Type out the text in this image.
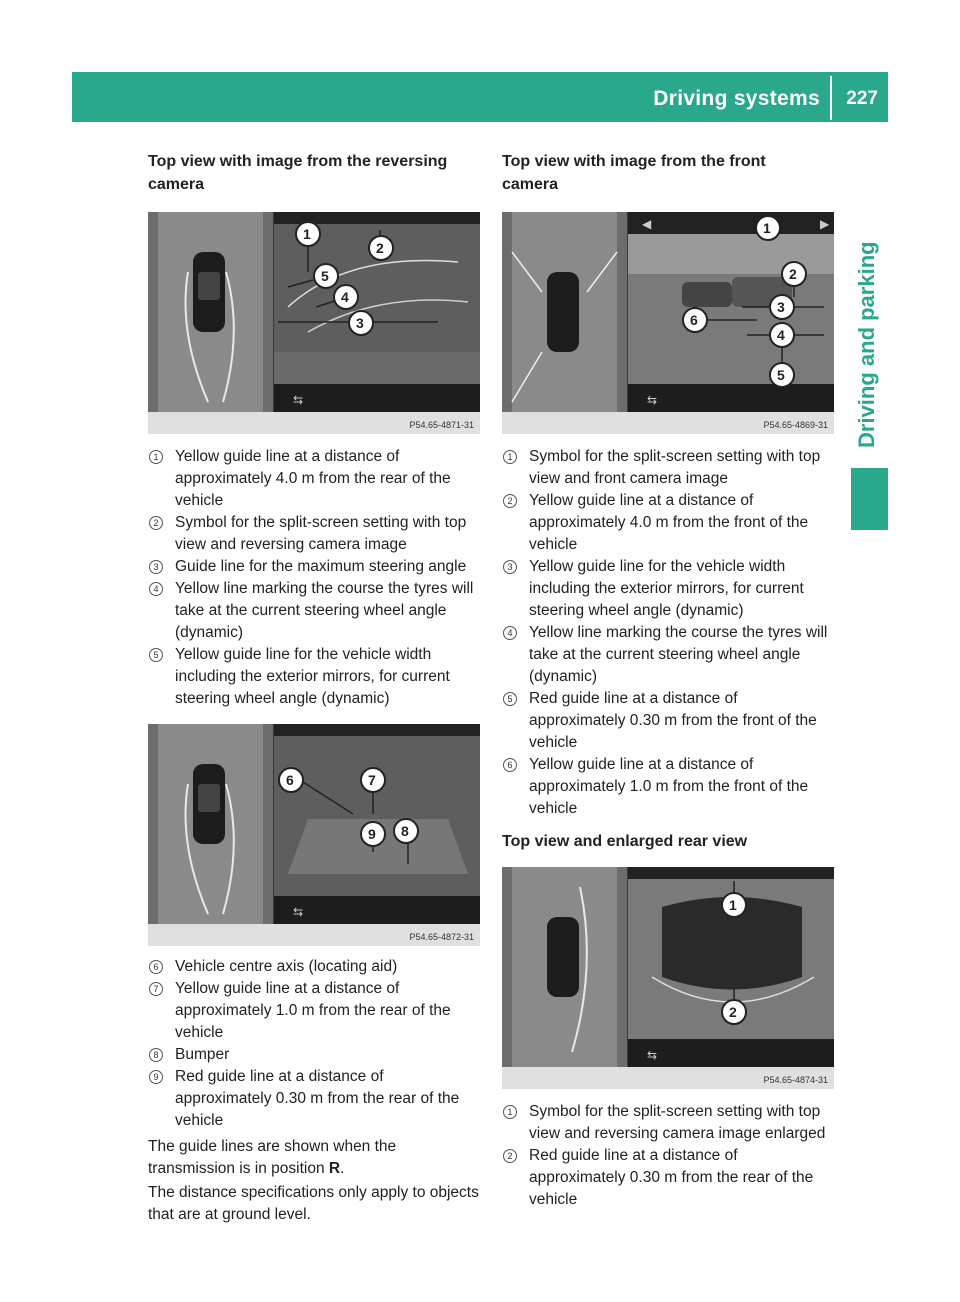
Driving systems 227
Driving and parking
Top view with image from the reversing camera
⇆
1
2
3
4
5
P54.65-4871-31
1 Yellow guide line at a distance of approximately 4.0 m from the rear of the vehicle
2 Symbol for the split-screen setting with top view and reversing camera image
3 Guide line for the maximum steering angle
4 Yellow line marking the course the tyres will take at the current steering wheel angle (dynamic)
5 Yellow guide line for the vehicle width including the exterior mirrors, for current steering wheel angle (dynamic)
⇆
6	7
8
9
P54.65-4872-31
6 Vehicle centre axis (locating aid)
7 Yellow guide line at a distance of approximately 1.0 m from the rear of the vehicle
8 Bumper
9 Red guide line at a distance of approximately 0.30 m from the rear of the vehicle

The guide lines are shown when the transmission is in position R.

The distance specifications only apply to objects that are at ground level.

Top view with image from the front camera
◀	▶
⇆
1
2
3
4
5
6
P54.65-4869-31
1 Symbol for the split-screen setting with top view and front camera image
2 Yellow guide line at a distance of approximately 4.0 m from the front of the vehicle
3 Yellow guide line for the vehicle width including the exterior mirrors, for current steering wheel angle (dynamic)
4 Yellow line marking the course the tyres will take at the current steering wheel angle (dynamic)
5 Red guide line at a distance of approximately 0.30 m from the front of the vehicle
6 Yellow guide line at a distance of approximately 1.0 m from the front of the vehicle
Top view and enlarged rear view
⇆
1
2
P54.65-4874-31
1 Symbol for the split-screen setting with top view and reversing camera image enlarged
2 Red guide line at a distance of approximately 0.30 m from the rear of the vehicle
